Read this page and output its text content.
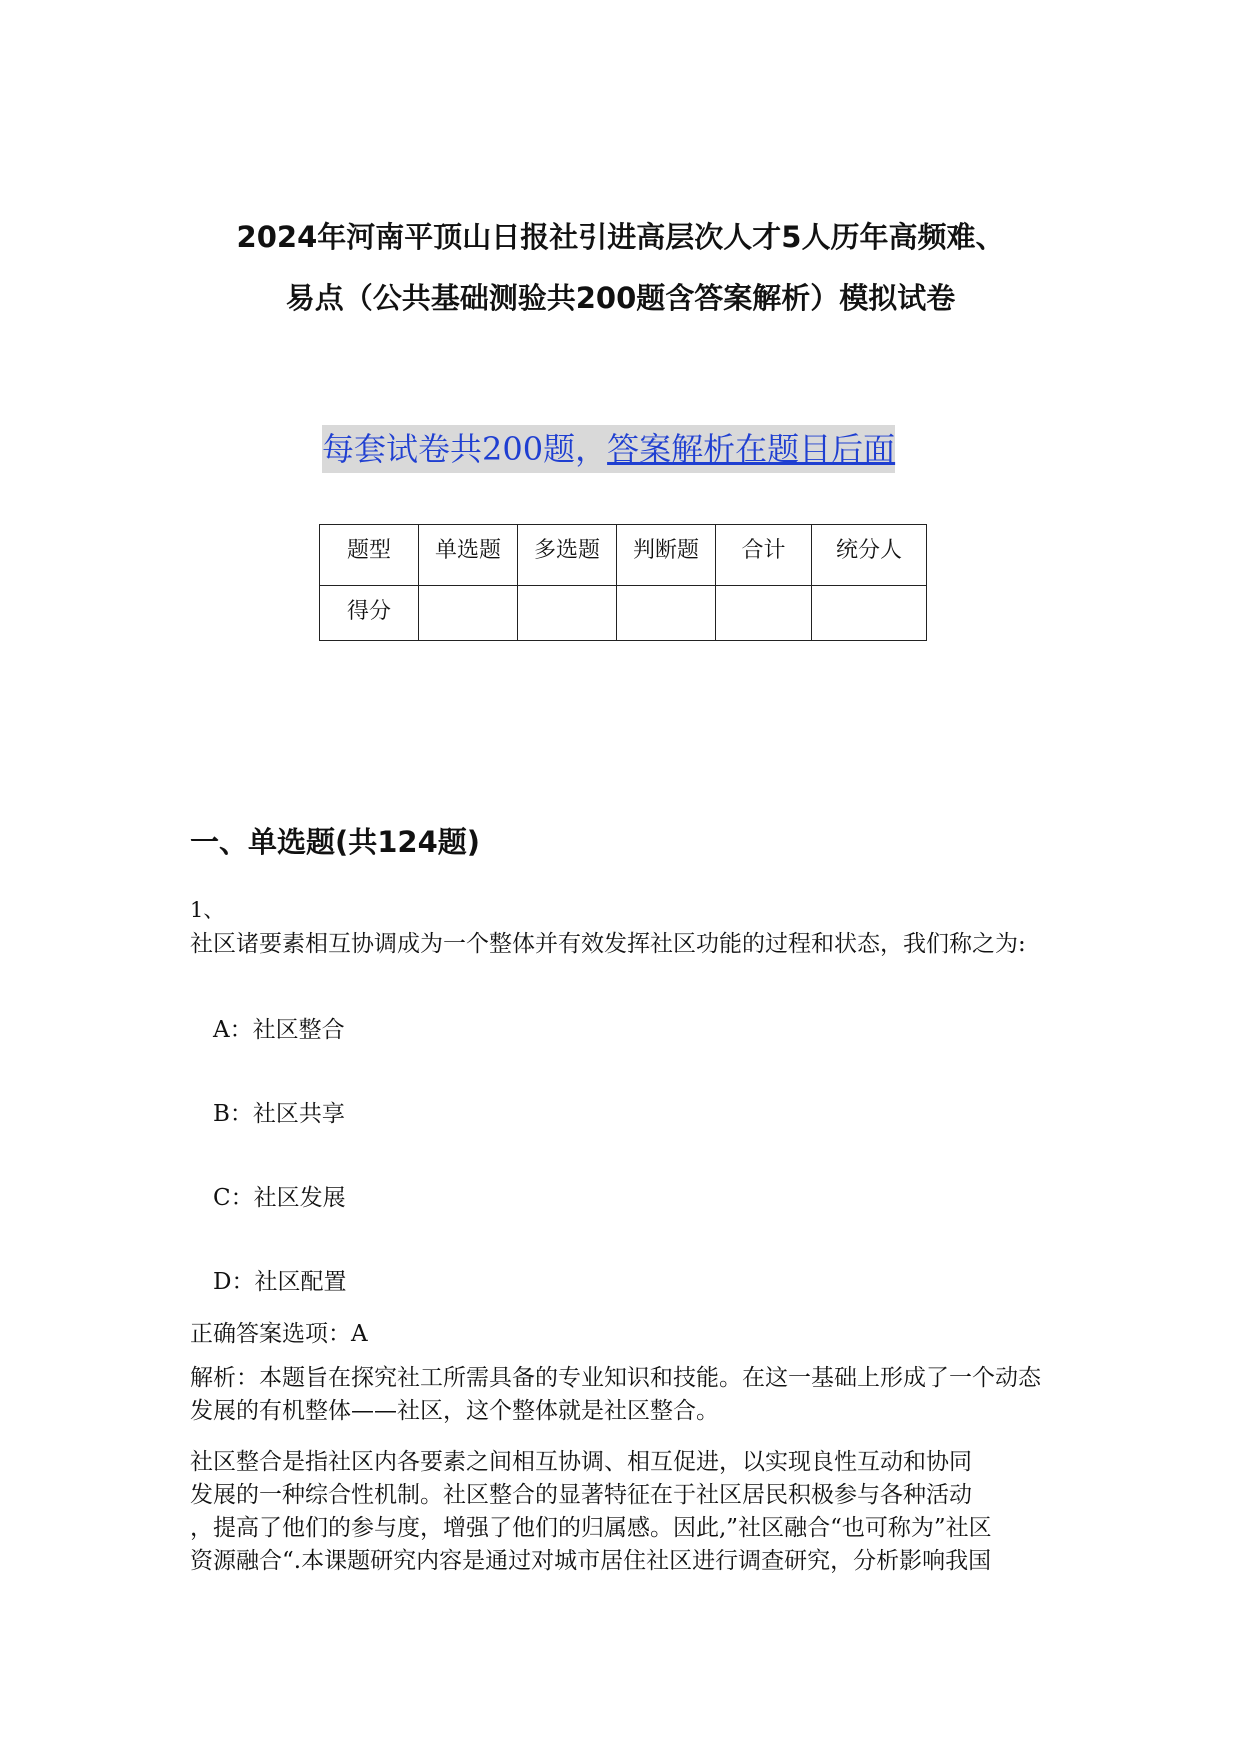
2024年河南平顶山日报社引进高层次人才5人历年高频难、
易点（公共基础测验共200题含答案解析）模拟试卷
每套试卷共200题，答案解析在题目后面
题型	单选题	多选题	判断题	合计	统分人
得分					
一、单选题(共124题)
1、
社区诸要素相互协调成为一个整体并有效发挥社区功能的过程和状态，我们称之为:
A：社区整合
B：社区共享
C：社区发展
D：社区配置
正确答案选项：A
解析：本题旨在探究社工所需具备的专业知识和技能。在这一基础上形成了一个动态发展的有机整体——社区，这个整体就是社区整合。
社区整合是指社区内各要素之间相互协调、相互促进，以实现良性互动和协同
发展的一种综合性机制。社区整合的显著特征在于社区居民积极参与各种活动
，提高了他们的参与度，增强了他们的归属感。因此,”社区融合“也可称为”社区
资源融合“.本课题研究内容是通过对城市居住社区进行调查研究，分析影响我国
